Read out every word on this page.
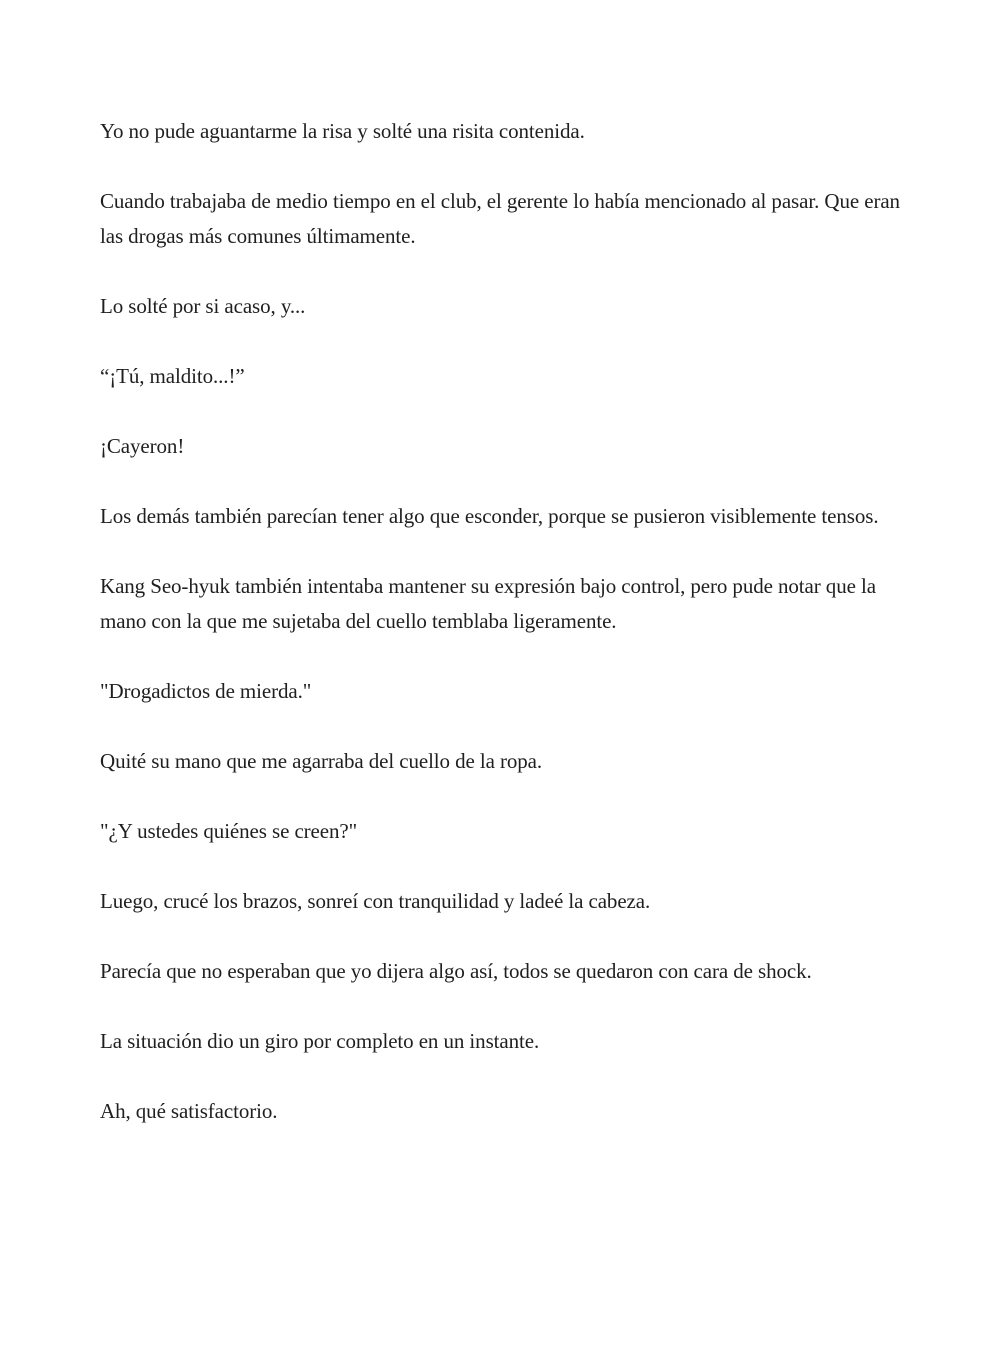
Yo no pude aguantarme la risa y solté una risita contenida.

Cuando trabajaba de medio tiempo en el club, el gerente lo había mencionado al pasar. Que eran las drogas más comunes últimamente.

Lo solté por si acaso, y...

“¡Tú, maldito...!”

¡Cayeron!

Los demás también parecían tener algo que esconder, porque se pusieron visiblemente tensos.

Kang Seo-hyuk también intentaba mantener su expresión bajo control, pero pude notar que la mano con la que me sujetaba del cuello temblaba ligeramente.

"Drogadictos de mierda."

Quité su mano que me agarraba del cuello de la ropa.

"¿Y ustedes quiénes se creen?"

Luego, crucé los brazos, sonreí con tranquilidad y ladeé la cabeza.

Parecía que no esperaban que yo dijera algo así, todos se quedaron con cara de shock.

La situación dio un giro por completo en un instante.

Ah, qué satisfactorio.
